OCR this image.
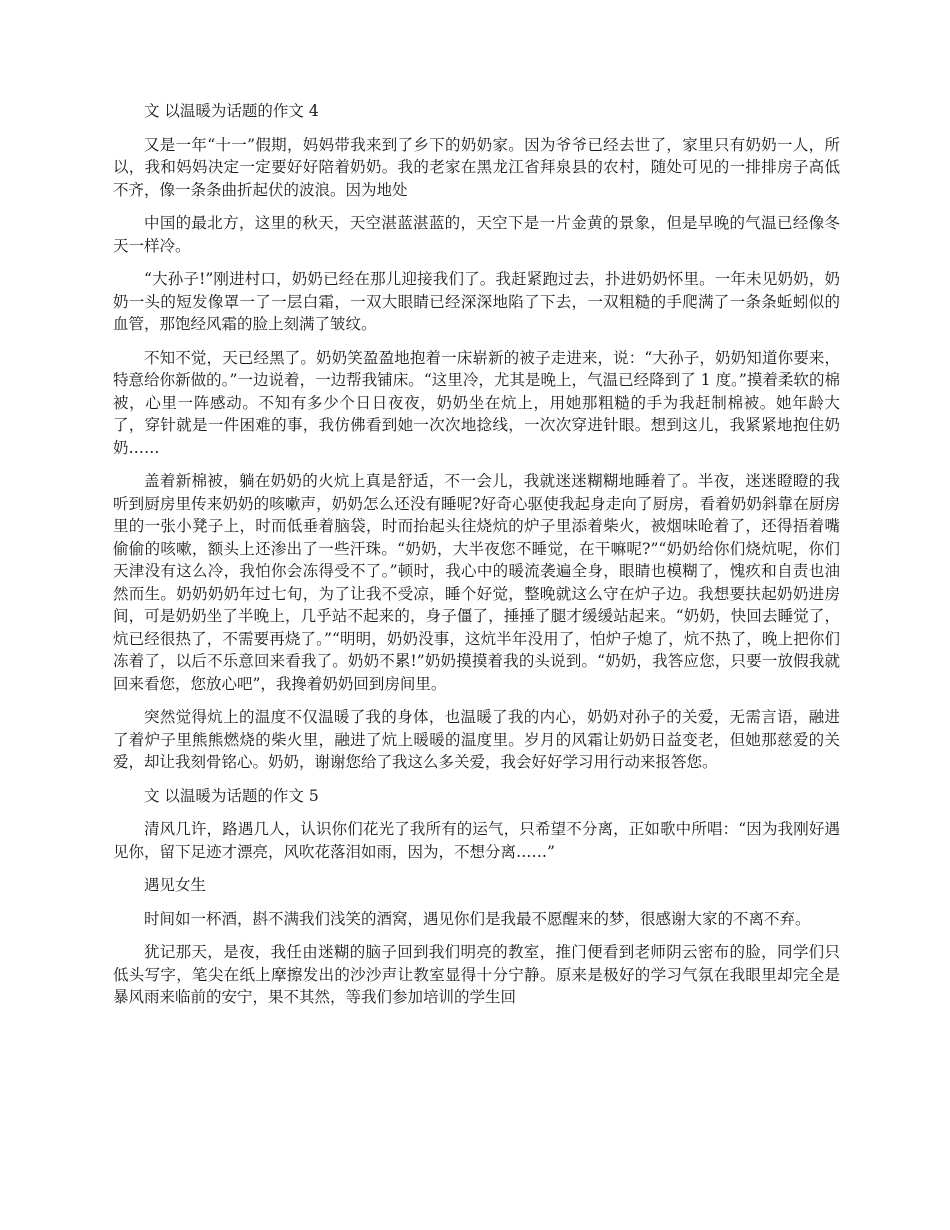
文 以温暖为话题的作文 4

又是一年“十一”假期，妈妈带我来到了乡下的奶奶家。因为爷爷已经去世了，家里只有奶奶一人，所以，我和妈妈决定一定要好好陪着奶奶。我的老家在黑龙江省拜泉县的农村，随处可见的一排排房子高低不齐，像一条条曲折起伏的波浪。因为地处

中国的最北方，这里的秋天，天空湛蓝湛蓝的，天空下是一片金黄的景象，但是早晚的气温已经像冬天一样冷。

“大孙子!”刚进村口，奶奶已经在那儿迎接我们了。我赶紧跑过去，扑进奶奶怀里。一年未见奶奶，奶奶一头的短发像罩一了一层白霜，一双大眼睛已经深深地陷了下去，一双粗糙的手爬满了一条条蚯蚓似的血管，那饱经风霜的脸上刻满了皱纹。

不知不觉，天已经黑了。奶奶笑盈盈地抱着一床崭新的被子走进来，说：“大孙子，奶奶知道你要来，特意给你新做的。”一边说着，一边帮我铺床。“这里冷，尤其是晚上，气温已经降到了 1 度。”摸着柔软的棉被，心里一阵感动。不知有多少个日日夜夜，奶奶坐在炕上，用她那粗糙的手为我赶制棉被。她年龄大了，穿针就是一件困难的事，我仿佛看到她一次次地捻线，一次次穿进针眼。想到这儿，我紧紧地抱住奶奶……

盖着新棉被，躺在奶奶的火炕上真是舒适，不一会儿，我就迷迷糊糊地睡着了。半夜，迷迷瞪瞪的我听到厨房里传来奶奶的咳嗽声，奶奶怎么还没有睡呢?好奇心驱使我起身走向了厨房，看着奶奶斜靠在厨房里的一张小凳子上，时而低垂着脑袋，时而抬起头往烧炕的炉子里添着柴火，被烟味呛着了，还得捂着嘴偷偷的咳嗽，额头上还渗出了一些汗珠。“奶奶，大半夜您不睡觉，在干嘛呢?”“奶奶给你们烧炕呢，你们天津没有这么冷，我怕你会冻得受不了。”顿时，我心中的暖流袭遍全身，眼睛也模糊了，愧疚和自责也油然而生。奶奶奶奶年过七旬，为了让我不受凉，睡个好觉，整晚就这么守在炉子边。我想要扶起奶奶进房间，可是奶奶坐了半晚上，几乎站不起来的，身子僵了，捶捶了腿才缓缓站起来。“奶奶，快回去睡觉了，炕已经很热了，不需要再烧了。”“明明，奶奶没事，这炕半年没用了，怕炉子熄了，炕不热了，晚上把你们冻着了，以后不乐意回来看我了。奶奶不累!”奶奶摸摸着我的头说到。“奶奶，我答应您，只要一放假我就回来看您，您放心吧”，我搀着奶奶回到房间里。

突然觉得炕上的温度不仅温暖了我的身体，也温暖了我的内心，奶奶对孙子的关爱，无需言语，融进了着炉子里熊熊燃烧的柴火里，融进了炕上暖暖的温度里。岁月的风霜让奶奶日益变老，但她那慈爱的关爱，却让我刻骨铭心。奶奶，谢谢您给了我这么多关爱，我会好好学习用行动来报答您。

文 以温暖为话题的作文 5

清风几许，路遇几人，认识你们花光了我所有的运气，只希望不分离，正如歌中所唱：“因为我刚好遇见你，留下足迹才漂亮，风吹花落泪如雨，因为，不想分离……”

遇见女生

时间如一杯酒，斟不满我们浅笑的酒窝，遇见你们是我最不愿醒来的梦，很感谢大家的不离不弃。

犹记那天，是夜，我任由迷糊的脑子回到我们明亮的教室，推门便看到老师阴云密布的脸，同学们只低头写字，笔尖在纸上摩擦发出的沙沙声让教室显得十分宁静。原来是极好的学习气氛在我眼里却完全是暴风雨来临前的安宁，果不其然，等我们参加培训的学生回
